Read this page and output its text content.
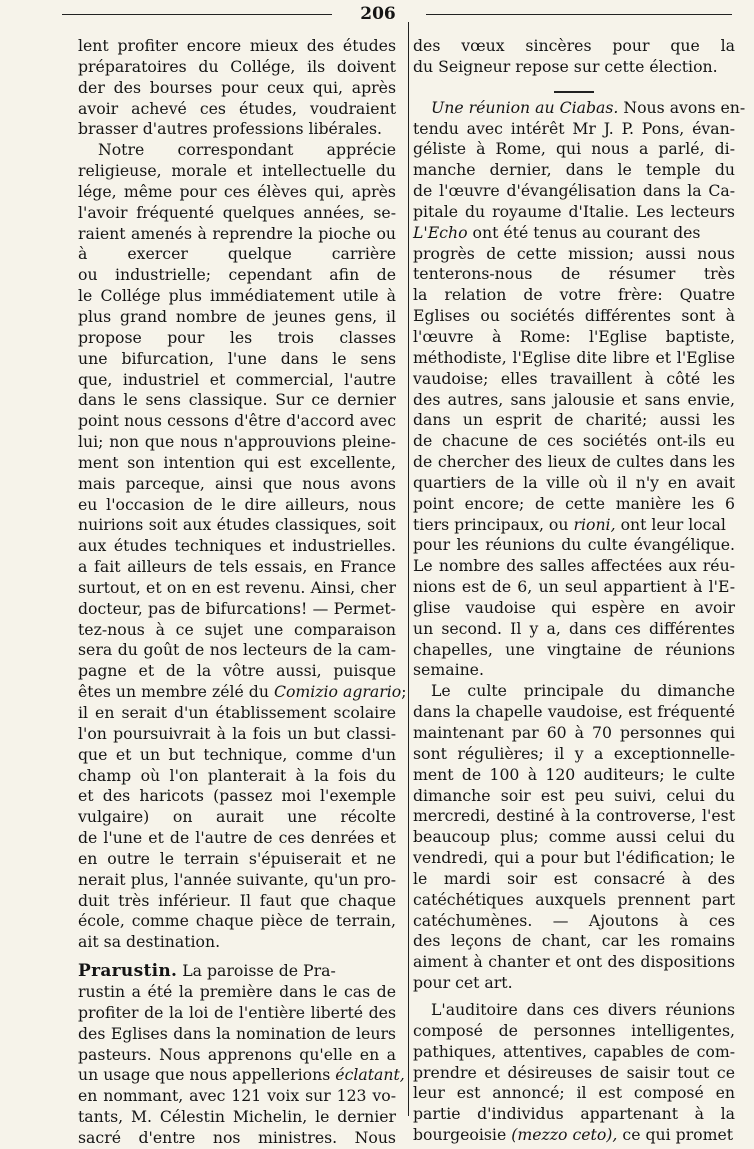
206
lent profiter encore mieux des études
préparatoires du Collége, ils doivent
der des bourses pour ceux qui, après
avoir achevé ces études, voudraient
brasser d'autres professions libérales.
Notre correspondant apprécie
religieuse, morale et intellectuelle du
lége, même pour ces élèves qui, après
l'avoir fréquenté quelques années, se-
raient amenés à reprendre la pioche ou
à exercer quelque carrière
ou industrielle; cependant afin de
le Collége plus immédiatement utile à
plus grand nombre de jeunes gens, il
propose pour les trois classes
une bifurcation, l'une dans le sens
que, industriel et commercial, l'autre
dans le sens classique. Sur ce dernier
point nous cessons d'être d'accord avec
lui; non que nous n'approuvions pleine-
ment son intention qui est excellente,
mais parceque, ainsi que nous avons
eu l'occasion de le dire ailleurs, nous
nuirions soit aux études classiques, soit
aux études techniques et industrielles.
a fait ailleurs de tels essais, en France
surtout, et on en est revenu. Ainsi, cher
docteur, pas de bifurcations! — Permet-
tez-nous à ce sujet une comparaison
sera du goût de nos lecteurs de la cam-
pagne et de la vôtre aussi, puisque
êtes un membre zélé du Comizio agrario;
il en serait d'un établissement scolaire
l'on poursuivrait à la fois un but classi-
que et un but technique, comme d'un
champ où l'on planterait à la fois du
et des haricots (passez moi l'exemple
vulgaire) on aurait une récolte
de l'une et de l'autre de ces denrées et
en outre le terrain s'épuiserait et ne
nerait plus, l'année suivante, qu'un pro-
duit très inférieur. Il faut que chaque
école, comme chaque pièce de terrain,
ait sa destination.
Prarustin. La paroisse de Pra-
rustin a été la première dans le cas de
profiter de la loi de l'entière liberté des
des Eglises dans la nomination de leurs
pasteurs. Nous apprenons qu'elle en a
un usage que nous appellerions éclatant,
en nommant, avec 121 voix sur 123 vo-
tants, M. Célestin Michelin, le dernier
sacré d'entre nos ministres. Nous
des vœux sincères pour que la
du Seigneur repose sur cette élection.
Une réunion au Ciabas. Nous avons en-
tendu avec intérêt Mr J. P. Pons, évan-
géliste à Rome, qui nous a parlé, di-
manche dernier, dans le temple du
de l'œuvre d'évangélisation dans la Ca-
pitale du royaume d'Italie. Les lecteurs
L'Echo ont été tenus au courant des
progrès de cette mission; aussi nous
tenterons-nous de résumer très
la relation de votre frère: Quatre
Eglises ou sociétés différentes sont à
l'œuvre à Rome: l'Eglise baptiste,
méthodiste, l'Eglise dite libre et l'Eglise
vaudoise; elles travaillent à côté les
des autres, sans jalousie et sans envie,
dans un esprit de charité; aussi les
de chacune de ces sociétés ont-ils eu
de chercher des lieux de cultes dans les
quartiers de la ville où il n'y en avait
point encore; de cette manière les 6
tiers principaux, ou rioni, ont leur local
pour les réunions du culte évangélique.
Le nombre des salles affectées aux réu-
nions est de 6, un seul appartient à l'E-
glise vaudoise qui espère en avoir
un second. Il y a, dans ces différentes
chapelles, une vingtaine de réunions
semaine.
Le culte principale du dimanche
dans la chapelle vaudoise, est fréquenté
maintenant par 60 à 70 personnes qui
sont régulières; il y a exceptionnelle-
ment de 100 à 120 auditeurs; le culte
dimanche soir est peu suivi, celui du
mercredi, destiné à la controverse, l'est
beaucoup plus; comme aussi celui du
vendredi, qui a pour but l'édification; le
le mardi soir est consacré à des
catéchétiques auxquels prennent part
catéchumènes. — Ajoutons à ces
des leçons de chant, car les romains
aiment à chanter et ont des dispositions
pour cet art.
L'auditoire dans ces divers réunions
composé de personnes intelligentes,
pathiques, attentives, capables de com-
prendre et désireuses de saisir tout ce
leur est annoncé; il est composé en
partie d'individus appartenant à la
bourgeoisie (mezzo ceto), ce qui promet
